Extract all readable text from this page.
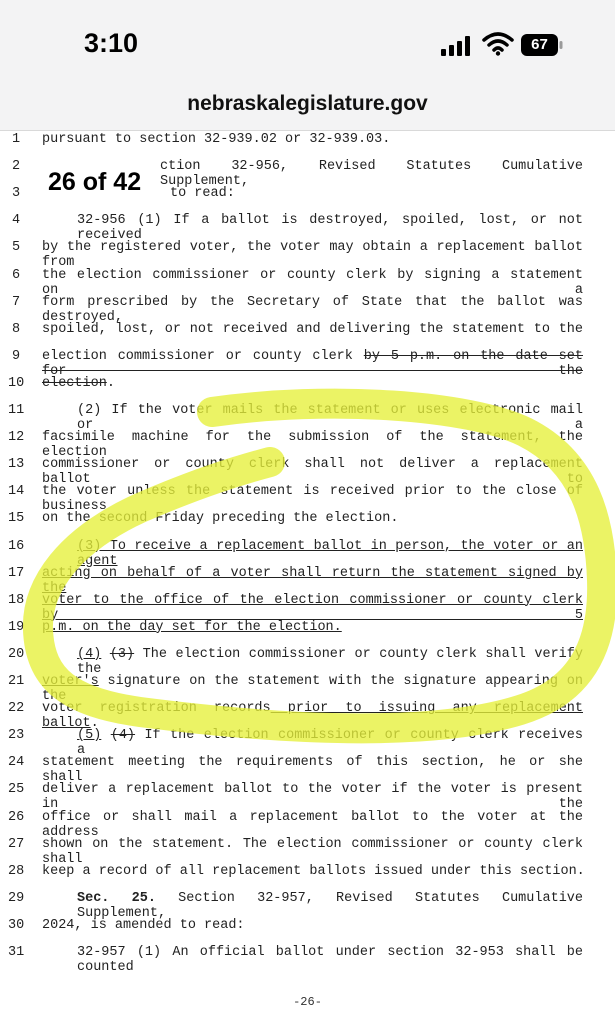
3:10	67
nebraskalegislature.gov
1 pursuant to section 32-939.02 or 32-939.03.
2	ction 32-956, Revised Statutes Cumulative Supplement,
3	to read:
4	32-956 (1) If a ballot is destroyed, spoiled, lost, or not received
5 by the registered voter, the voter may obtain a replacement ballot from
6 the election commissioner or county clerk by signing a statement on a
7 form prescribed by the Secretary of State that the ballot was destroyed,
8 spoiled, lost, or not received and delivering the statement to the
9 election commissioner or county clerk by 5 p.m. on the date set for the
10 election.
11	(2) If the voter mails the statement or uses electronic mail or a
12 facsimile machine for the submission of the statement, the election
13 commissioner or county clerk shall not deliver a replacement ballot to
14 the voter unless the statement is received prior to the close of business
15 on the second Friday preceding the election.
16	(3) To receive a replacement ballot in person, the voter or an agent
17 acting on behalf of a voter shall return the statement signed by the
18 voter to the office of the election commissioner or county clerk by 5
19 p.m. on the day set for the election.
20	(4) (3) The election commissioner or county clerk shall verify the
21 voter's signature on the statement with the signature appearing on the
22 voter registration records prior to issuing any replacement ballot.
23	(5) (4) If the election commissioner or county clerk receives a
24 statement meeting the requirements of this section, he or she shall
25 deliver a replacement ballot to the voter if the voter is present in the
26 office or shall mail a replacement ballot to the voter at the address
27 shown on the statement. The election commissioner or county clerk shall
28 keep a record of all replacement ballots issued under this section.
29	Sec. 25. Section 32-957, Revised Statutes Cumulative Supplement,
30 2024, is amended to read:
31	32-957 (1) An official ballot under section 32-953 shall be counted
-26-
26 of 42
